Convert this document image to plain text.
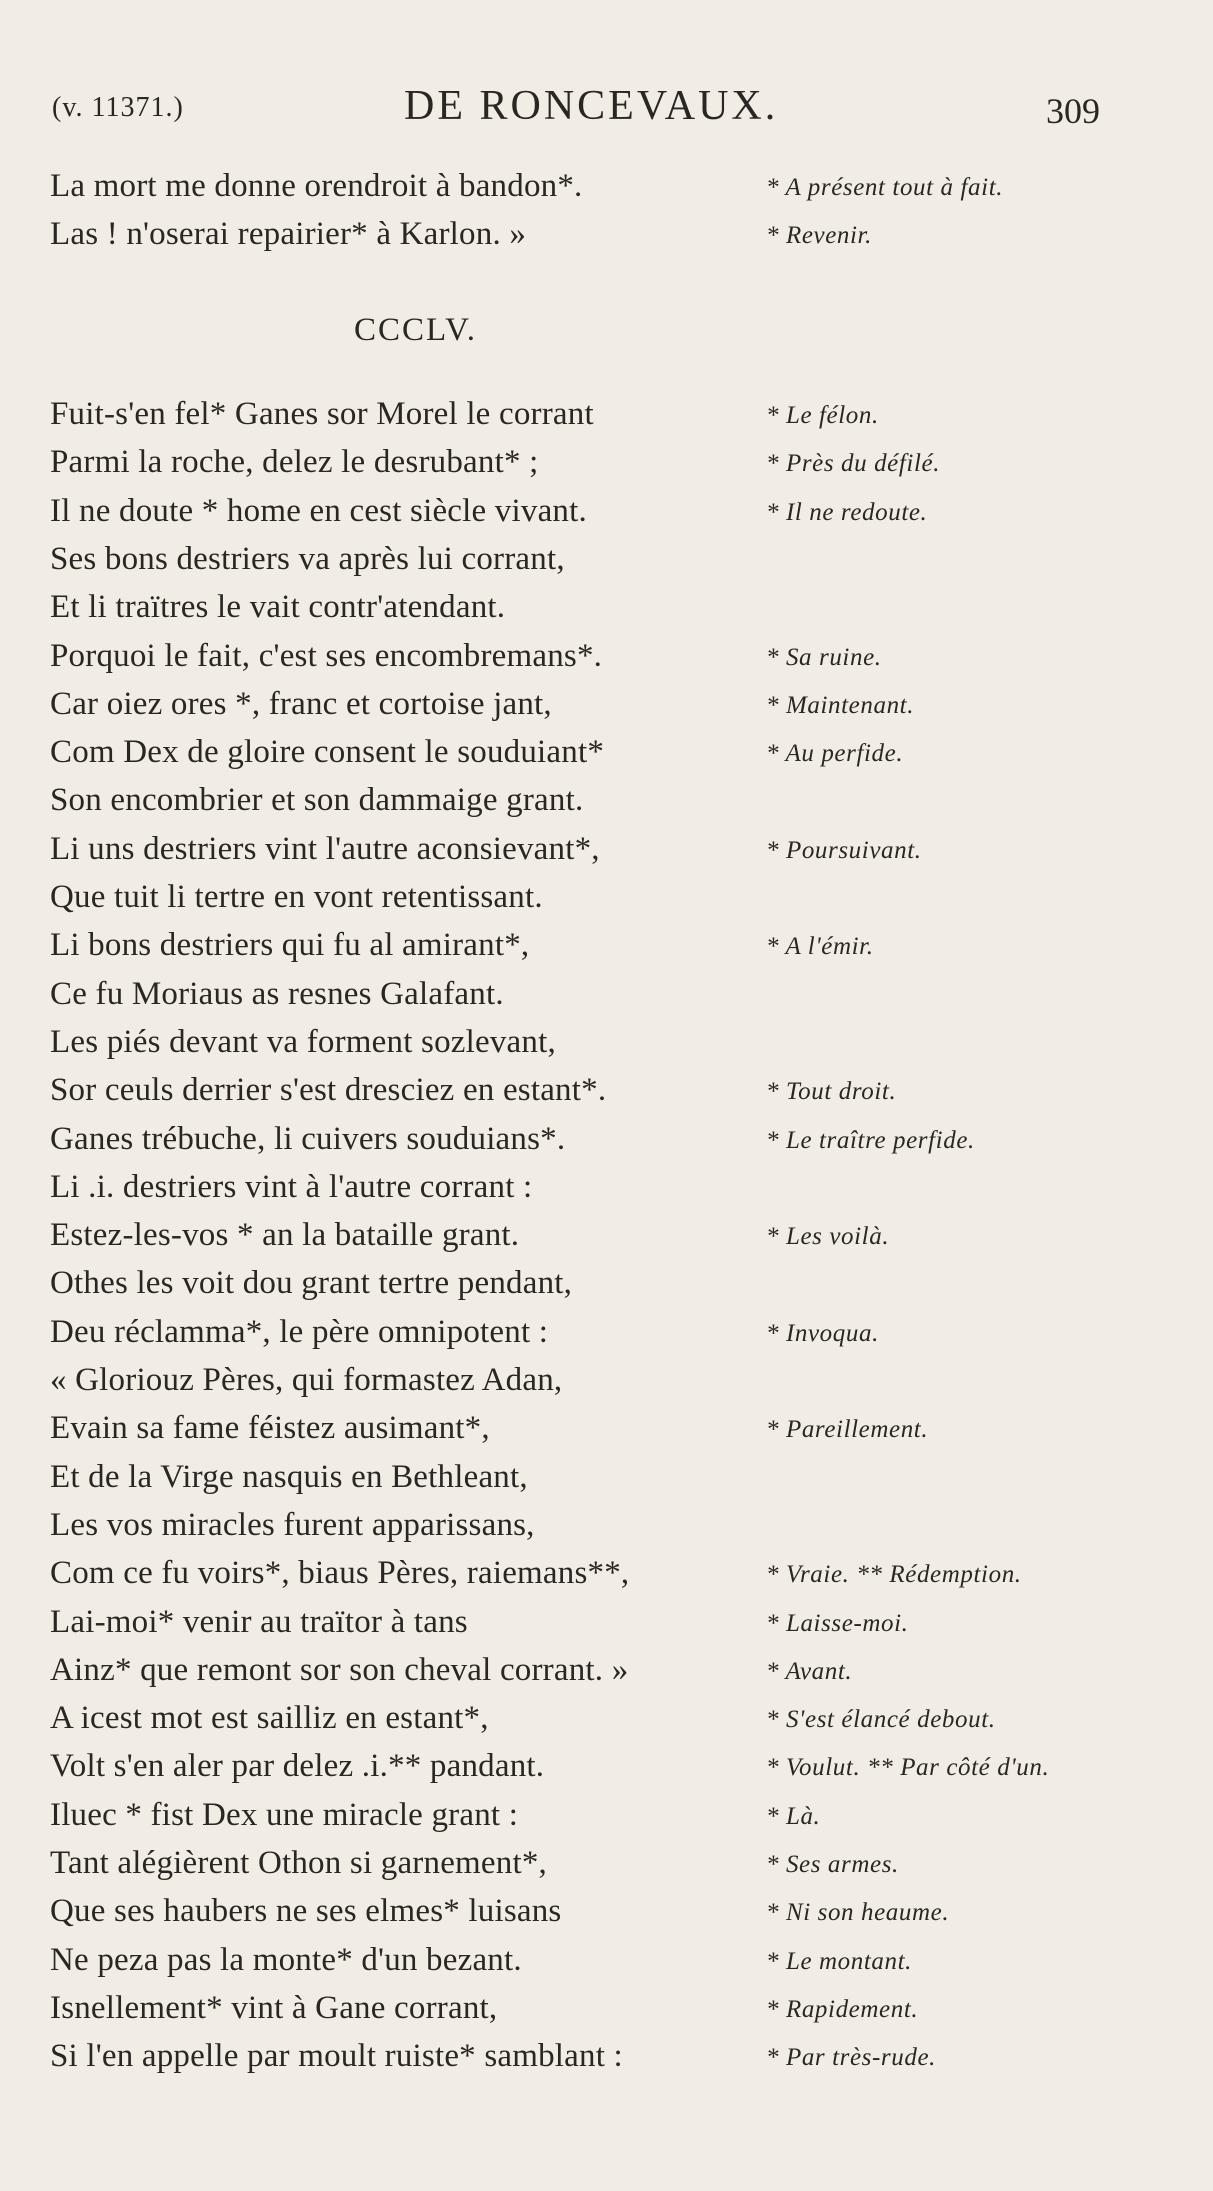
(v. 11371.)	DE RONCEVAUX.	309
La mort me donne orendroit à bandon*.	* A présent tout à fait.
Las ! n'oserai repairier* à Karlon. »	* Revenir.
CCCLV.
Fuit-s'en fel* Ganes sor Morel le corrant	* Le félon.
Parmi la roche, delez le desrubant* ;	* Près du défilé.
Il ne doute * home en cest siècle vivant.	* Il ne redoute.
Ses bons destriers va après lui corrant,
Et li traïtres le vait contr'atendant.
Porquoi le fait, c'est ses encombremans*.	* Sa ruine.
Car oiez ores *, franc et cortoise jant,	* Maintenant.
Com Dex de gloire consent le souduiant*	* Au perfide.
Son encombrier et son dammaige grant.
Li uns destriers vint l'autre aconsievant*,	* Poursuivant.
Que tuit li tertre en vont retentissant.
Li bons destriers qui fu al amirant*,	* A l'émir.
Ce fu Moriaus as resnes Galafant.
Les piés devant va forment sozlevant,
Sor ceuls derrier s'est dresciez en estant*.	* Tout droit.
Ganes trébuche, li cuivers souduians*.	* Le traître perfide.
Li .i. destriers vint à l'autre corrant :
Estez-les-vos * an la bataille grant.	* Les voilà.
Othes les voit dou grant tertre pendant,
Deu réclamma*, le père omnipotent :	* Invoqua.
« Gloriouz Pères, qui formastez Adan,
Evain sa fame féistez ausimant*,	* Pareillement.
Et de la Virge nasquis en Bethleant,
Les vos miracles furent apparissans,
Com ce fu voirs*, biaus Pères, raiemans**,	* Vraie. ** Rédemption.
Lai-moi* venir au traïtor à tans	* Laisse-moi.
Ainz* que remont sor son cheval corrant. »	* Avant.
A icest mot est sailliz en estant*,	* S'est élancé debout.
Volt s'en aler par delez .i.** pandant.	* Voulut. ** Par côté d'un.
Iluec * fist Dex une miracle grant :	* Là.
Tant alégièrent Othon si garnement*,	* Ses armes.
Que ses haubers ne ses elmes* luisans	* Ni son heaume.
Ne peza pas la monte* d'un bezant.	* Le montant.
Isnellement* vint à Gane corrant,	* Rapidement.
Si l'en appelle par moult ruiste* samblant :	* Par très-rude.
